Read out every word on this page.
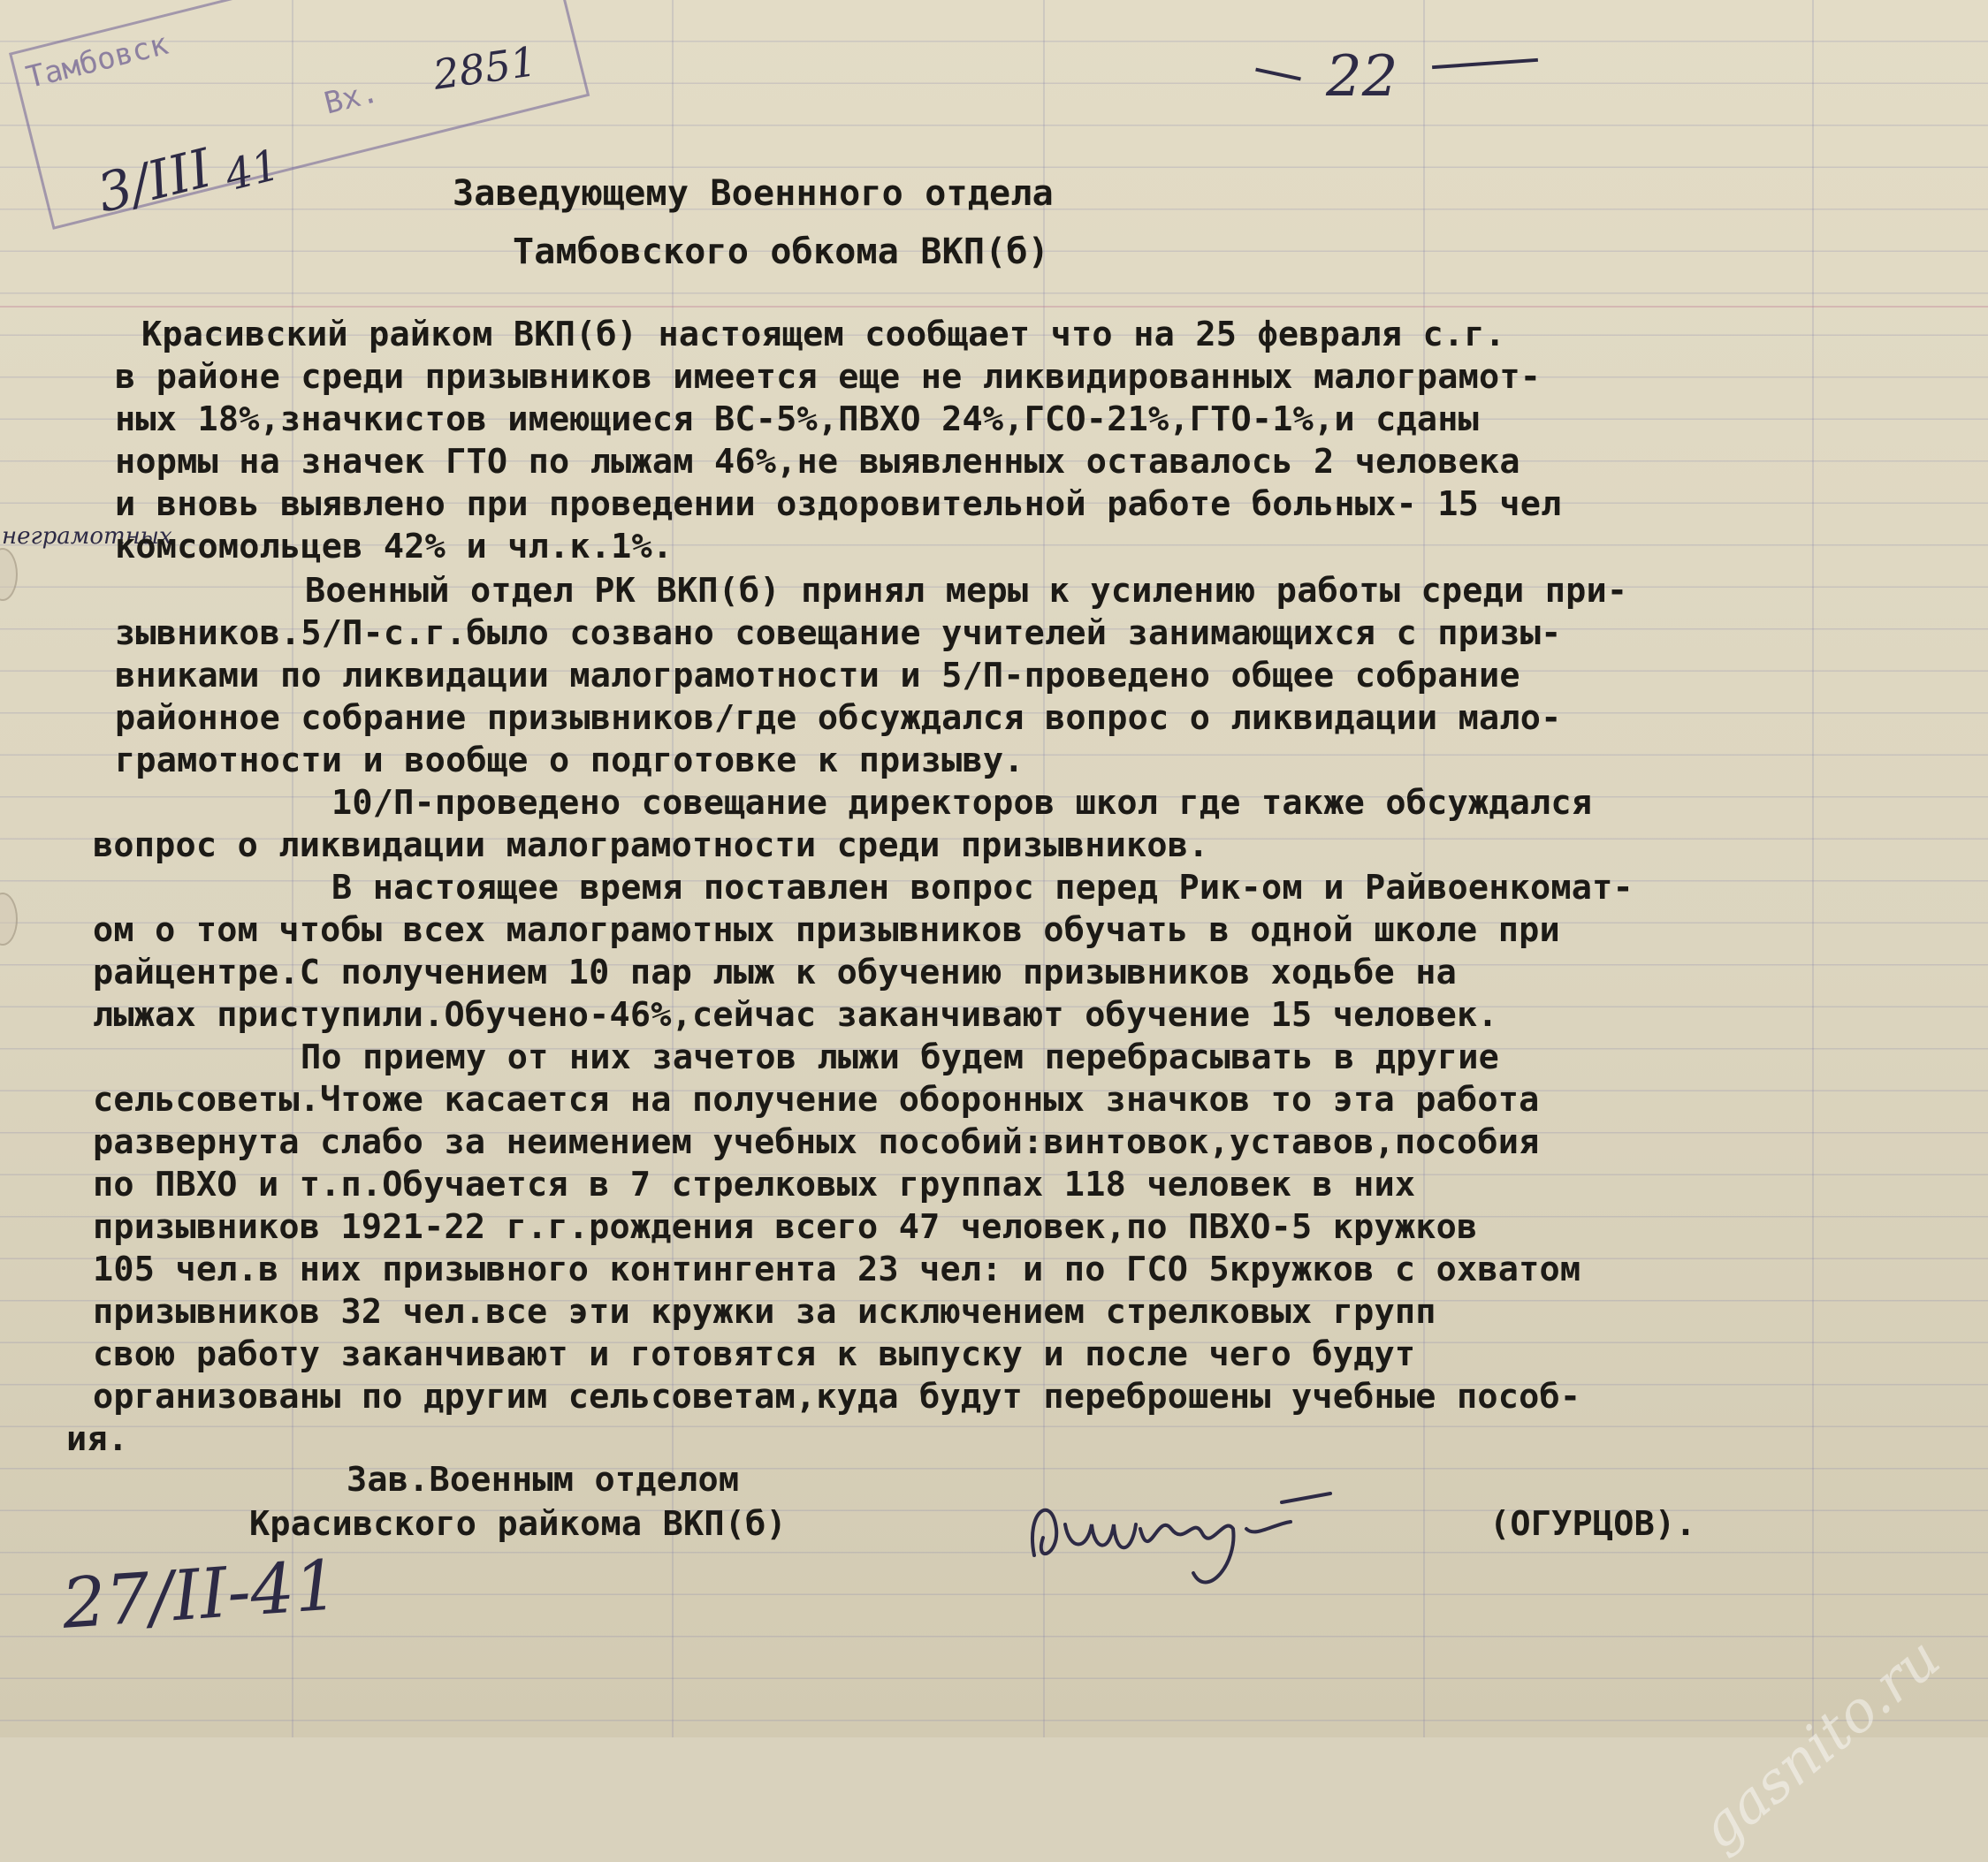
Тамбовск
Вх. 2851
3/III 41
22
Заведующему Военнного отдела
Тамбовского обкома ВКП(б)
неграмотных
Красивский райком ВКП(б) настоящем сообщает что на 25 февраля с.г.
в районе среди призывников имеется еще не ликвидированных малограмот-
ных 18%,значкистов имеющиеся ВС-5%,ПВХО 24%,ГСО-21%,ГТО-1%,и сданы
нормы на значек ГТО по лыжам 46%,не выявленных оставалось 2 человека
и вновь выявлено при проведении оздоровительной работе больных- 15 чел
комсомольцев 42% и чл.к.1%.
Военный отдел РК ВКП(б) принял меры к усилению работы среди при-
зывников.5/П-с.г.было созвано совещание учителей занимающихся с призы-
вниками по ликвидации малограмотности и 5/П-проведено общее собрание
районное собрание призывников/где обсуждался вопрос о ликвидации мало-
грамотности и вообще о подготовке к призыву.
10/П-проведено совещание директоров школ где также обсуждался
вопрос о ликвидации малограмотности среди призывников.
В настоящее время поставлен вопрос перед Рик-ом и Райвоенкомат-
ом о том чтобы всех малограмотных призывников обучать в одной школе при
райцентре.С получением 10 пар лыж к обучению призывников ходьбе на
лыжах приступили.Обучено-46%,сейчас заканчивают обучение 15 человек.
По приему от них зачетов лыжи будем перебрасывать в другие
сельсоветы.Чтоже касается на получение оборонных значков то эта работа
развернута слабо за неимением учебных пособий:винтовок,уставов,пособия
по ПВХО и т.п.Обучается в 7 стрелковых группах 118 человек в них
призывников 1921-22 г.г.рождения всего 47 человек,по ПВХО-5 кружков
105 чел.в них призывного контингента 23 чел: и по ГСО 5кружков с охватом
призывников 32 чел.все эти кружки за исключением стрелковых групп
свою работу заканчивают и готовятся к выпуску и после чего будут
организованы по другим сельсоветам,куда будут переброшены учебные пособ-
ия.
Зав.Военным отделом
Красивского райкома ВКП(б)	(ОГУРЦОВ).
27/II-41
gasnito.ru
